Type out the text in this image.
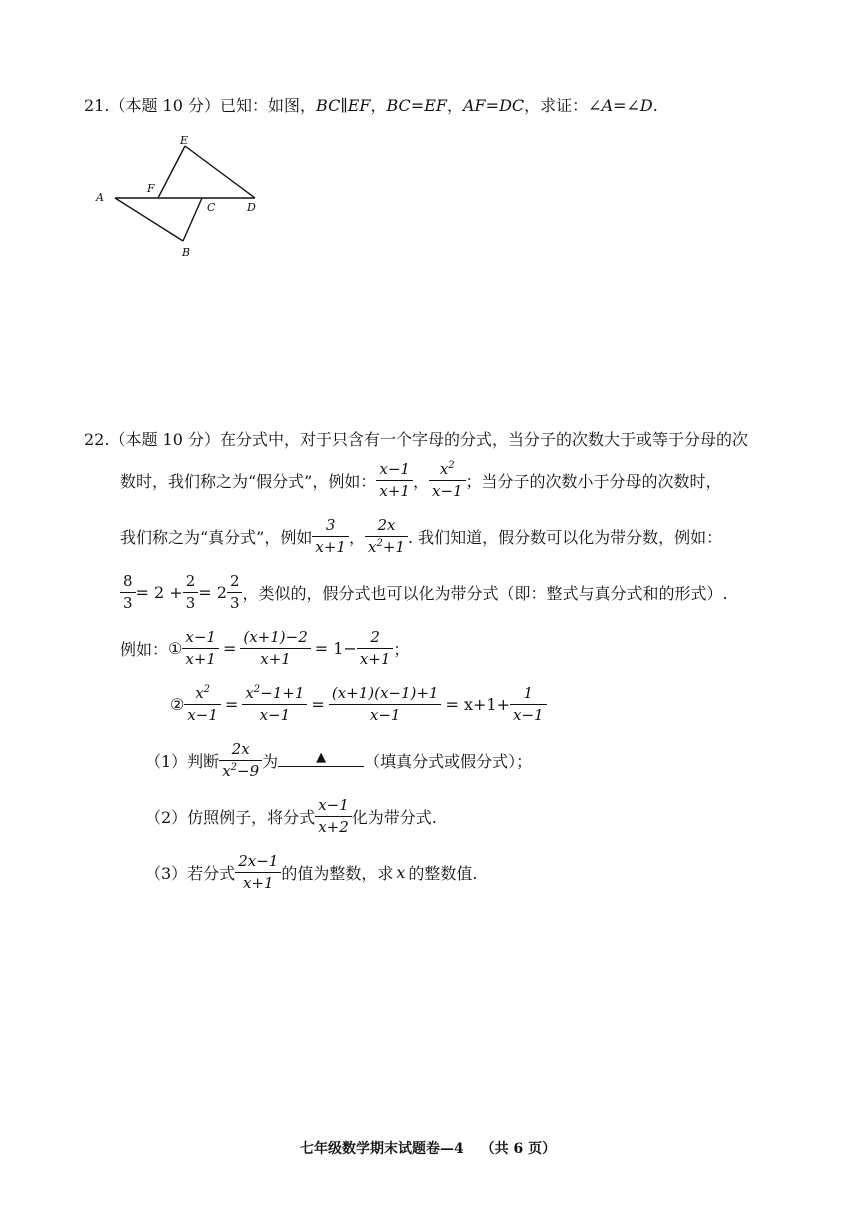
21.（本题 10 分）已知：如图，BC∥EF，BC=EF，AF=DC，求证：∠A=∠D.
E
F
A
C	D
B
22.（本题 10 分）在分式中，对于只含有一个字母的分式，当分子的次数大于或等于分母的次
数时，我们称之为“假分式”，例如： $\frac{x-1}{x+1}$ ， $\frac{x^2}{x-1}$ ；当分子的次数小于分母的次数时，
我们称之为“真分式”，例如 $\frac{3}{x+1}$ ， $\frac{2x}{x^2+1}$ . 我们知道，假分数可以化为带分数，例如：
$\frac{8}{3} = 2 + \frac{2}{3} = 2 \frac{2}{3}$ ，类似的，假分式也可以化为带分式（即：整式与真分式和的形式）.
例如： ① $\frac{x-1}{x+1} = \frac{(x+1)-2}{x+1} = 1- \frac{2}{x+1}$ ；
② $\frac{x^2}{x-1} = \frac{x^2-1+1}{x-1} = \frac{(x+1)(x-1)+1}{x-1} = x+1+ \frac{1}{x-1}$
（1）判断 $\frac{2x}{x^2-9}$ 为	▲	（填真分式或假分式）；
（2）仿照例子，将分式 $\frac{x-1}{x+2}$ 化为带分式.
（3）若分式 $\frac{2x-1}{x+1}$ 的值为整数，求 x 的整数值.
七年级数学期末试题卷—4 （共 6 页）
